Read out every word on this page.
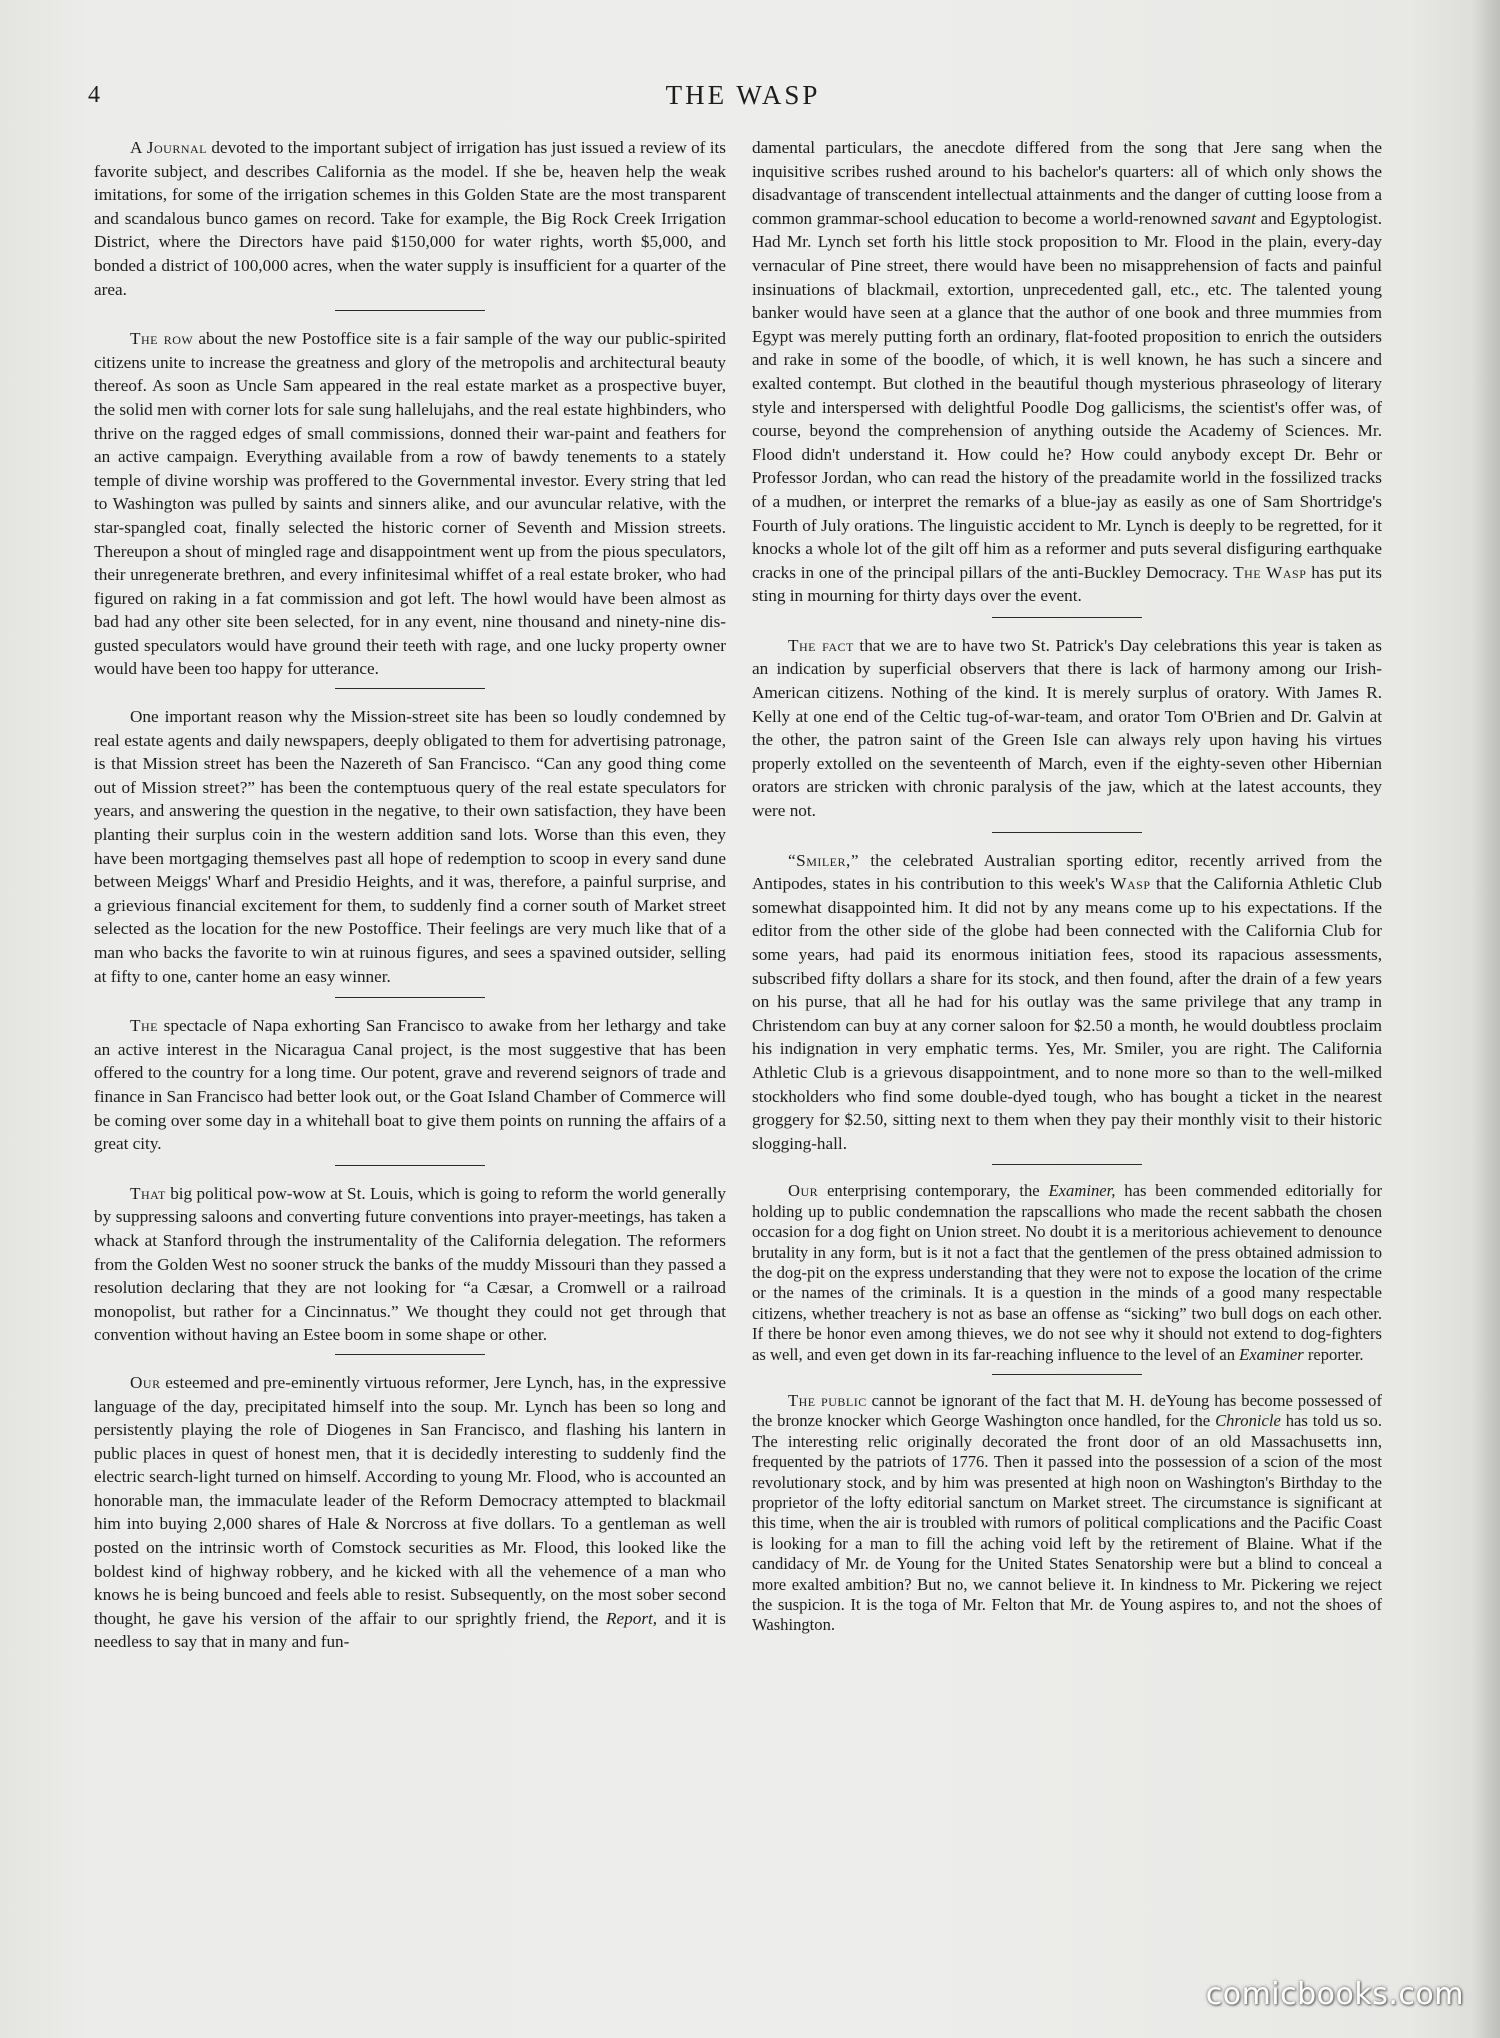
4	THE WASP

A Journal devoted to the important subject of irrigation has just issued a review of its favorite subject, and describes California as the model. If she be, heaven help the weak imitations, for some of the irrigation schemes in this Golden State are the most transparent and scandalous bunco games on record. Take for example, the Big Rock Creek Irrigation District, where the Directors have paid $150,000 for water rights, worth $5,000, and bonded a district of 100,000 acres, when the water supply is insufficient for a quarter of the area.

The row about the new Postoffice site is a fair sample of the way our public-spirited citizens unite to increase the greatness and glory of the metropolis and architectural beauty thereof. As soon as Uncle Sam appeared in the real estate market as a prospective buyer, the solid men with corner lots for sale sung hallelujahs, and the real estate highbinders, who thrive on the ragged edges of small commissions, donned their war-paint and feathers for an active campaign. Everything available from a row of bawdy tenements to a stately temple of divine worship was proffered to the Governmental investor. Every string that led to Washington was pulled by saints and sinners alike, and our avuncular relative, with the star-spangled coat, finally selected the historic corner of Seventh and Mission streets. Thereupon a shout of mingled rage and disappointment went up from the pious speculators, their unregenerate brethren, and every infinitesimal whiffet of a real estate broker, who had figured on raking in a fat commission and got left. The howl would have been almost as bad had any other site been selected, for in any event, nine thousand and ninety-nine disgusted speculators would have ground their teeth with rage, and one lucky property owner would have been too happy for utterance.

One important reason why the Mission-street site has been so loudly condemned by real estate agents and daily newspapers, deeply obligated to them for advertising patronage, is that Mission street has been the Nazereth of San Francisco. “Can any good thing come out of Mission street?” has been the contemptuous query of the real estate speculators for years, and answering the question in the negative, to their own satisfaction, they have been planting their surplus coin in the western addition sand lots. Worse than this even, they have been mortgaging themselves past all hope of redemption to scoop in every sand dune between Meiggs' Wharf and Presidio Heights, and it was, therefore, a painful surprise, and a grievious financial excitement for them, to suddenly find a corner south of Market street selected as the location for the new Postoffice. Their feelings are very much like that of a man who backs the favorite to win at ruinous figures, and sees a spavined outsider, selling at fifty to one, canter home an easy winner.

The spectacle of Napa exhorting San Francisco to awake from her lethargy and take an active interest in the Nicaragua Canal project, is the most suggestive that has been offered to the country for a long time. Our potent, grave and reverend seignors of trade and finance in San Francisco had better look out, or the Goat Island Chamber of Commerce will be coming over some day in a whitehall boat to give them points on running the affairs of a great city.

That big political pow-wow at St. Louis, which is going to reform the world generally by suppressing saloons and converting future conventions into prayer-meetings, has taken a whack at Stanford through the instrumentality of the California delegation. The reformers from the Golden West no sooner struck the banks of the muddy Missouri than they passed a resolution declaring that they are not looking for “a Cæsar, a Cromwell or a railroad monopolist, but rather for a Cincinnatus.” We thought they could not get through that convention without having an Estee boom in some shape or other.

Our esteemed and pre-eminently virtuous reformer, Jere Lynch, has, in the expressive language of the day, precipitated himself into the soup. Mr. Lynch has been so long and persistently playing the role of Diogenes in San Francisco, and flashing his lantern in public places in quest of honest men, that it is decidedly interesting to suddenly find the electric search-light turned on himself. According to young Mr. Flood, who is accounted an honorable man, the immaculate leader of the Reform Democracy attempted to blackmail him into buying 2,000 shares of Hale & Norcross at five dollars. To a gentleman as well posted on the intrinsic worth of Comstock securities as Mr. Flood, this looked like the boldest kind of highway robbery, and he kicked with all the vehemence of a man who knows he is being buncoed and feels able to resist. Subsequently, on the most sober second thought, he gave his version of the affair to our sprightly friend, the Report, and it is needless to say that in many and fun-

damental particulars, the anecdote differed from the song that Jere sang when the inquisitive scribes rushed around to his bachelor's quarters: all of which only shows the disadvantage of transcendent intellectual attainments and the danger of cutting loose from a common grammar-school education to become a world-renowned savant and Egyptologist. Had Mr. Lynch set forth his little stock proposition to Mr. Flood in the plain, every-day vernacular of Pine street, there would have been no misapprehension of facts and painful insinuations of blackmail, extortion, unprecedented gall, etc., etc. The talented young banker would have seen at a glance that the author of one book and three mummies from Egypt was merely putting forth an ordinary, flat-footed proposition to enrich the outsiders and rake in some of the boodle, of which, it is well known, he has such a sincere and exalted contempt. But clothed in the beautiful though mysterious phraseology of literary style and interspersed with delightful Poodle Dog gallicisms, the scientist's offer was, of course, beyond the comprehension of anything outside the Academy of Sciences. Mr. Flood didn't understand it. How could he? How could anybody except Dr. Behr or Professor Jordan, who can read the history of the preadamite world in the fossilized tracks of a mudhen, or interpret the remarks of a blue-jay as easily as one of Sam Shortridge's Fourth of July orations. The linguistic accident to Mr. Lynch is deeply to be regretted, for it knocks a whole lot of the gilt off him as a reformer and puts several disfiguring earthquake cracks in one of the principal pillars of the anti-Buckley Democracy. The Wasp has put its sting in mourning for thirty days over the event.

The fact that we are to have two St. Patrick's Day celebrations this year is taken as an indication by superficial observers that there is lack of harmony among our Irish-American citizens. Nothing of the kind. It is merely surplus of oratory. With James R. Kelly at one end of the Celtic tug-of-war-team, and orator Tom O'Brien and Dr. Galvin at the other, the patron saint of the Green Isle can always rely upon having his virtues properly extolled on the seventeenth of March, even if the eighty-seven other Hibernian orators are stricken with chronic paralysis of the jaw, which at the latest accounts, they were not.

“Smiler,” the celebrated Australian sporting editor, recently arrived from the Antipodes, states in his contribution to this week's Wasp that the California Athletic Club somewhat disappointed him. It did not by any means come up to his expectations. If the editor from the other side of the globe had been connected with the California Club for some years, had paid its enormous initiation fees, stood its rapacious assessments, subscribed fifty dollars a share for its stock, and then found, after the drain of a few years on his purse, that all he had for his outlay was the same privilege that any tramp in Christendom can buy at any corner saloon for $2.50 a month, he would doubtless proclaim his indignation in very emphatic terms. Yes, Mr. Smiler, you are right. The California Athletic Club is a grievous disappointment, and to none more so than to the well-milked stockholders who find some double-dyed tough, who has bought a ticket in the nearest groggery for $2.50, sitting next to them when they pay their monthly visit to their historic slogging-hall.

Our enterprising contemporary, the Examiner, has been commended editorially for holding up to public condemnation the rapscallions who made the recent sabbath the chosen occasion for a dog fight on Union street. No doubt it is a meritorious achievement to denounce brutality in any form, but is it not a fact that the gentlemen of the press obtained admission to the dog-pit on the express understanding that they were not to expose the location of the crime or the names of the criminals. It is a question in the minds of a good many respectable citizens, whether treachery is not as base an offense as “sicking” two bull dogs on each other. If there be honor even among thieves, we do not see why it should not extend to dog-fighters as well, and even get down in its far-reaching influence to the level of an Examiner reporter.

The public cannot be ignorant of the fact that M. H. deYoung has become possessed of the bronze knocker which George Washington once handled, for the Chronicle has told us so. The interesting relic originally decorated the front door of an old Massachusetts inn, frequented by the patriots of 1776. Then it passed into the possession of a scion of the most revolutionary stock, and by him was presented at high noon on Washington's Birthday to the proprietor of the lofty editorial sanctum on Market street. The circumstance is significant at this time, when the air is troubled with rumors of political complications and the Pacific Coast is looking for a man to fill the aching void left by the retirement of Blaine. What if the candidacy of Mr. de Young for the United States Senatorship were but a blind to conceal a more exalted ambition? But no, we cannot believe it. In kindness to Mr. Pickering we reject the suspicion. It is the toga of Mr. Felton that Mr. de Young aspires to, and not the shoes of Washington.

comicbooks.com
